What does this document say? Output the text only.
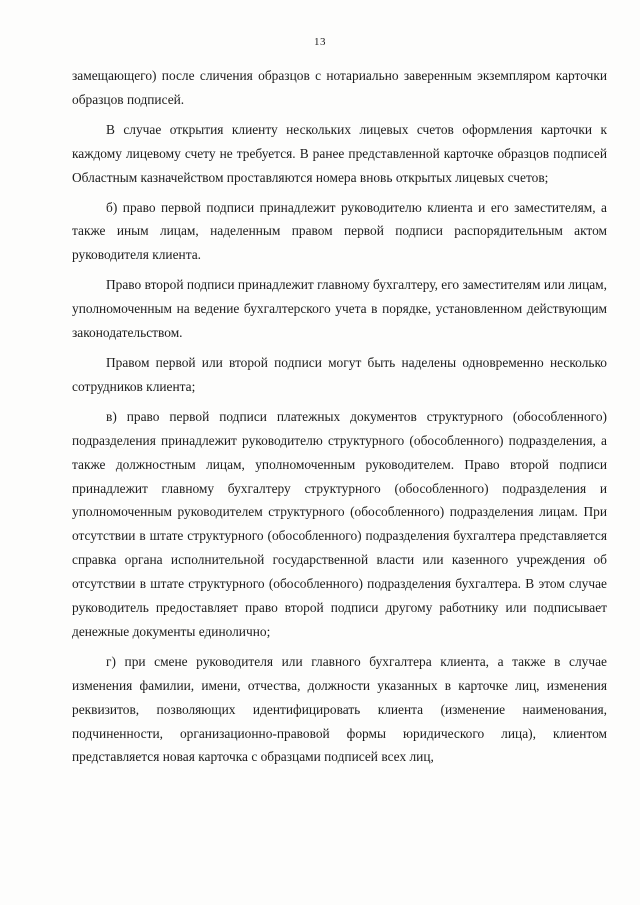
13

замещающего) после сличения образцов с нотариально заверенным экземпляром карточки образцов подписей.

В случае открытия клиенту нескольких лицевых счетов оформления карточки к каждому лицевому счету не требуется. В ранее представленной карточке образцов подписей Областным казначейством проставляются номера вновь открытых лицевых счетов;

б) право первой подписи принадлежит руководителю клиента и его заместителям, а также иным лицам, наделенным правом первой подписи распорядительным актом руководителя клиента.

Право второй подписи принадлежит главному бухгалтеру, его заместителям или лицам, уполномоченным на ведение бухгалтерского учета в порядке, установленном действующим законодательством.

Правом первой или второй подписи могут быть наделены одновременно несколько сотрудников клиента;

в) право первой подписи платежных документов структурного (обособленного) подразделения принадлежит руководителю структурного (обособленного) подразделения, а также должностным лицам, уполномоченным руководителем. Право второй подписи принадлежит главному бухгалтеру структурного (обособленного) подразделения и уполномоченным руководителем структурного (обособленного) подразделения лицам. При отсутствии в штате структурного (обособленного) подразделения бухгалтера представляется справка органа исполнительной государственной власти или казенного учреждения об отсутствии в штате структурного (обособленного) подразделения бухгалтера. В этом случае руководитель предоставляет право второй подписи другому работнику или подписывает денежные документы единолично;

г) при смене руководителя или главного бухгалтера клиента, а также в случае изменения фамилии, имени, отчества, должности указанных в карточке лиц, изменения реквизитов, позволяющих идентифицировать клиента (изменение наименования, подчиненности, организационно-правовой формы юридического лица), клиентом представляется новая карточка с образцами подписей всех лиц,
